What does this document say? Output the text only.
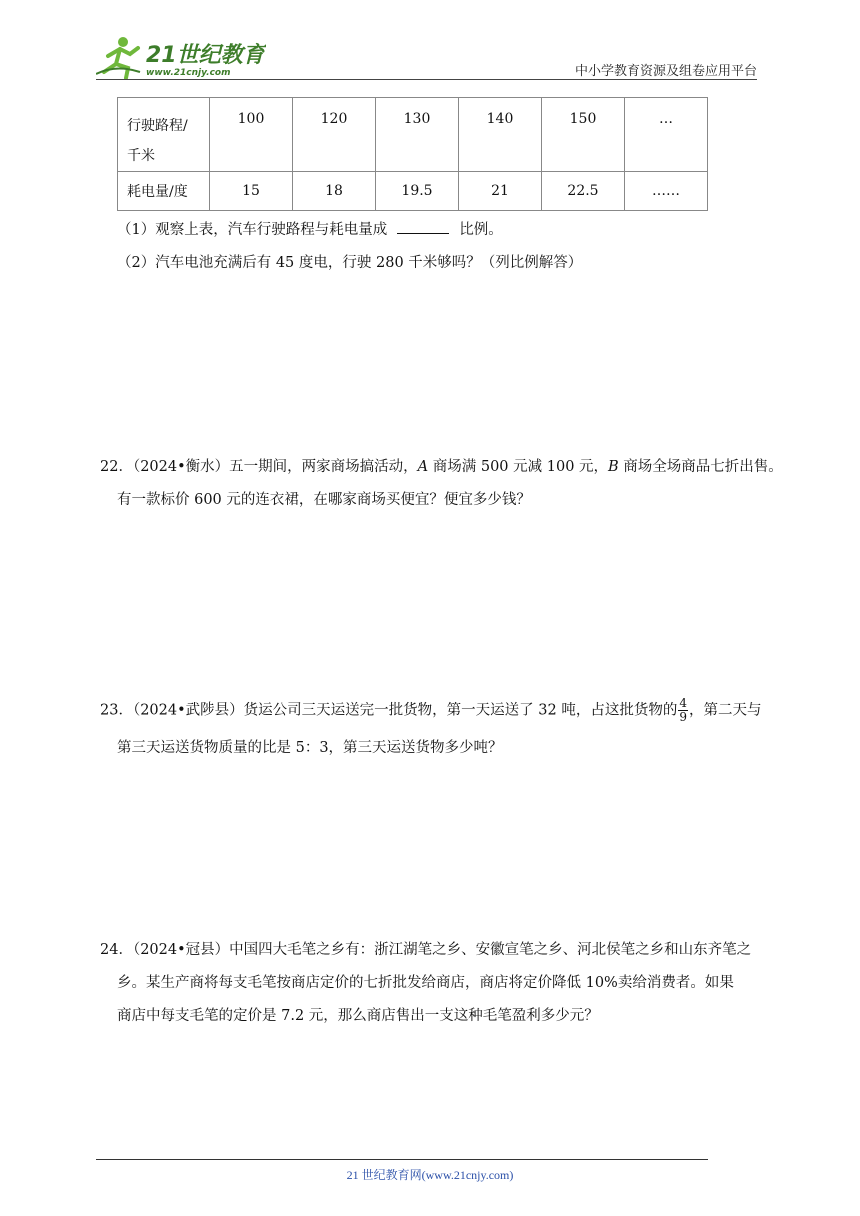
21世纪教育
www.21cnjy.com	中小学教育资源及组卷应用平台
行驶路程/
千米	100	120	130	140	150	…
耗电量/度	15	18	19.5	21	22.5	……
（1）观察上表，汽车行驶路程与耗电量成	比例。
（2）汽车电池充满后有 45 度电，行驶 280 千米够吗？（列比例解答）
22．（2024•衡水）五一期间，两家商场搞活动，A 商场满 500 元减 100 元，B 商场全场商品七折出售。
有一款标价 600 元的连衣裙，在哪家商场买便宜？便宜多少钱？
23．（2024•武陟县）货运公司三天运送完一批货物，第一天运送了 32 吨，占这批货物的 $\frac{4}{9}$ ，第二天与
第三天运送货物质量的比是 5：3，第三天运送货物多少吨？
24．（2024•冠县）中国四大毛笔之乡有：浙江湖笔之乡、安徽宣笔之乡、河北侯笔之乡和山东齐笔之
乡。某生产商将每支毛笔按商店定价的七折批发给商店，商店将定价降低 10%卖给消费者。如果
商店中每支毛笔的定价是 7.2 元，那么商店售出一支这种毛笔盈利多少元？
21 世纪教育网(www.21cnjy.com)
